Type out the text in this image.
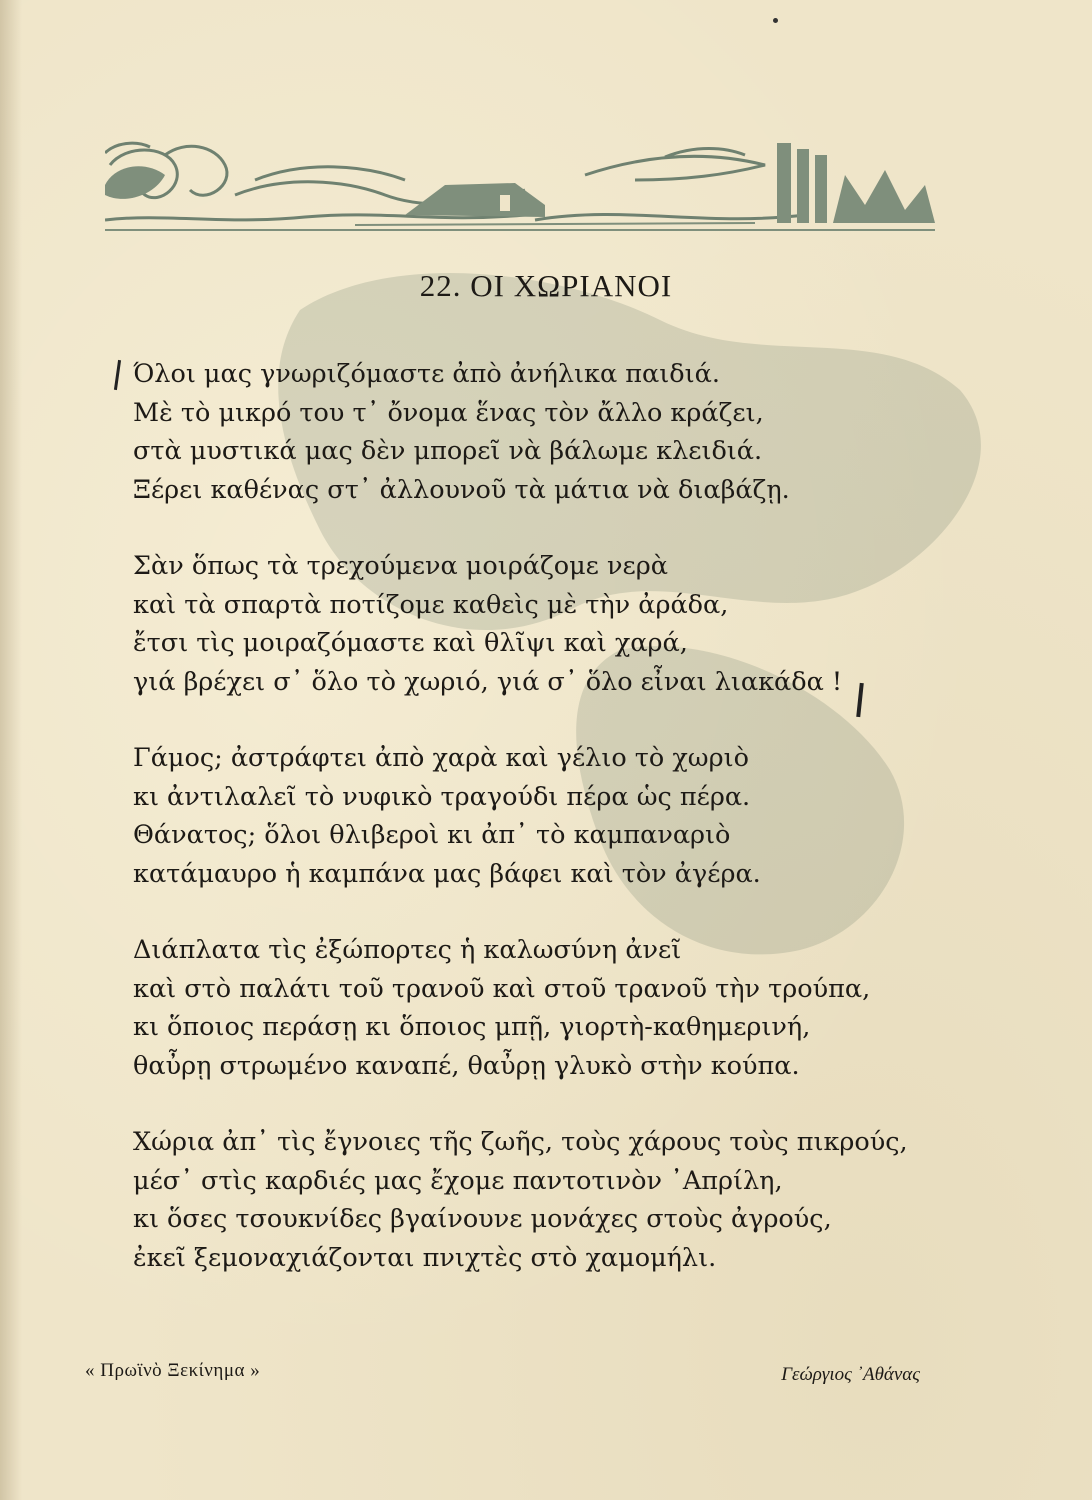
22. ΟΙ ΧΩΡΙΑΝΟΙ
Όλοι μας γνωριζόμαστε ἀπὸ ἀνήλικα παιδιά.
Μὲ τὸ μικρό του τ᾿ ὄνομα ἕνας τὸν ἄλλο κράζει,
στὰ μυστικά μας δὲν μπορεῖ νὰ βάλωμε κλειδιά.
Ξέρει καθένας στ᾿ ἀλλουνοῦ τὰ μάτια νὰ διαβάζῃ.
Σὰν ὅπως τὰ τρεχούμενα μοιράζομε νερὰ
καὶ τὰ σπαρτὰ ποτίζομε καθεὶς μὲ τὴν ἀράδα,
ἔτσι τὶς μοιραζόμαστε καὶ θλῖψι καὶ χαρά,
γιά βρέχει σ᾿ ὅλο τὸ χωριό, γιά σ᾿ ὅλο εἶναι λιακάδα !
Γάμος; ἀστράφτει ἀπὸ χαρὰ καὶ γέλιο τὸ χωριὸ
κι ἀντιλαλεῖ τὸ νυφικὸ τραγούδι πέρα ὡς πέρα.
Θάνατος; ὅλοι θλιβεροὶ κι ἀπ᾿ τὸ καμπαναριὸ
κατάμαυρο ἡ καμπάνα μας βάφει καὶ τὸν ἀγέρα.
Διάπλατα τὶς ἐξώπορτες ἡ καλωσύνη ἀνεῖ
καὶ στὸ παλάτι τοῦ τρανοῦ καὶ στοῦ τρανοῦ τὴν τρούπα,
κι ὅποιος περάσῃ κι ὅποιος μπῇ, γιορτὴ-καθημερινή,
θαὖρῃ στρωμένο καναπέ, θαὖρῃ γλυκὸ στὴν κούπα.
Χώρια ἀπ᾿ τὶς ἔγνοιες τῆς ζωῆς, τοὺς χάρους τοὺς πικρούς,
μέσ᾿ στὶς καρδιές μας ἔχομε παντοτινὸν ᾿Απρίλη,
κι ὅσες τσουκνίδες βγαίνουνε μονάχες στοὺς ἀγρούς,
ἐκεῖ ξεμοναχιάζονται πνιχτὲς στὸ χαμομήλι.
« Πρωϊνὸ Ξεκίνημα »	Γεώργιος ᾿Αθάνας
